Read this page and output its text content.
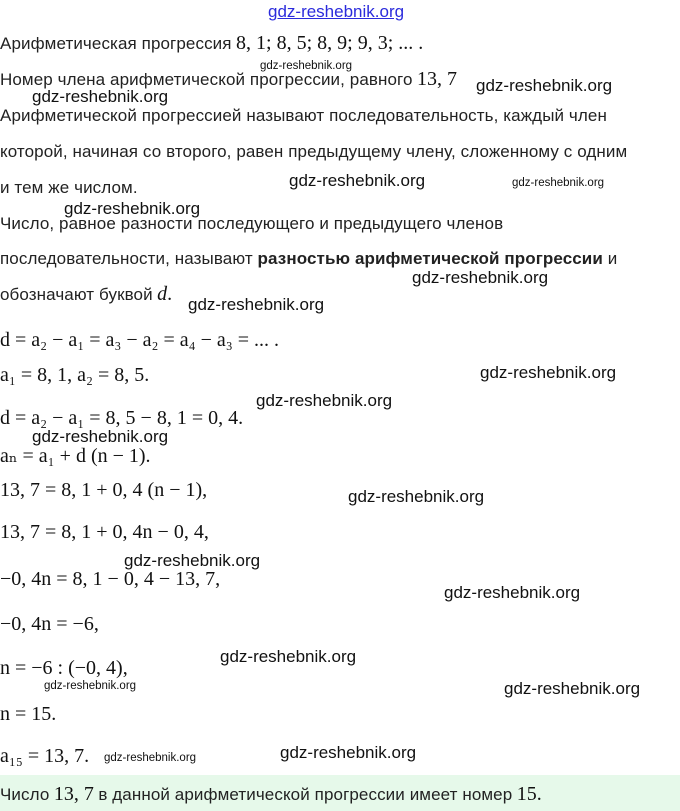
gdz-reshebnik.org
Арифметическая прогрессия 8, 1; 8, 5; 8, 9; 9, 3; ... .
Номер члена арифметической прогрессии, равного 13, 7
Арифметической прогрессией называют последовательность, каждый член
которой, начиная со второго, равен предыдущему члену, сложенному с одним
и тем же числом.
Число, равное разности последующего и предыдущего членов
последовательности, называют разностью арифметической прогрессии и
обозначают буквой d.
d = a₂ − a₁ = a₃ − a₂ = a₄ − a₃ = ... .
a₁ = 8, 1, a₂ = 8, 5.
d = a₂ − a₁ = 8, 5 − 8, 1 = 0, 4.
aₙ = a₁ + d (n − 1).
13, 7 = 8, 1 + 0, 4 (n − 1),
13, 7 = 8, 1 + 0, 4n − 0, 4,
−0, 4n = 8, 1 − 0, 4 − 13, 7,
−0, 4n = −6,
n = −6 : (−0, 4),
n = 15.
a₁₅ = 13, 7.
Число 13, 7 в данной арифметической прогрессии имеет номер 15.
gdz-reshebnik.org
gdz-reshebnik.org
gdz-reshebnik.org
gdz-reshebnik.org	gdz-reshebnik.org
gdz-reshebnik.org
gdz-reshebnik.org
gdz-reshebnik.org
gdz-reshebnik.org
gdz-reshebnik.org
gdz-reshebnik.org
gdz-reshebnik.org
gdz-reshebnik.org
gdz-reshebnik.org
gdz-reshebnik.org
gdz-reshebnik.org	gdz-reshebnik.org
gdz-reshebnik.org	gdz-reshebnik.org
